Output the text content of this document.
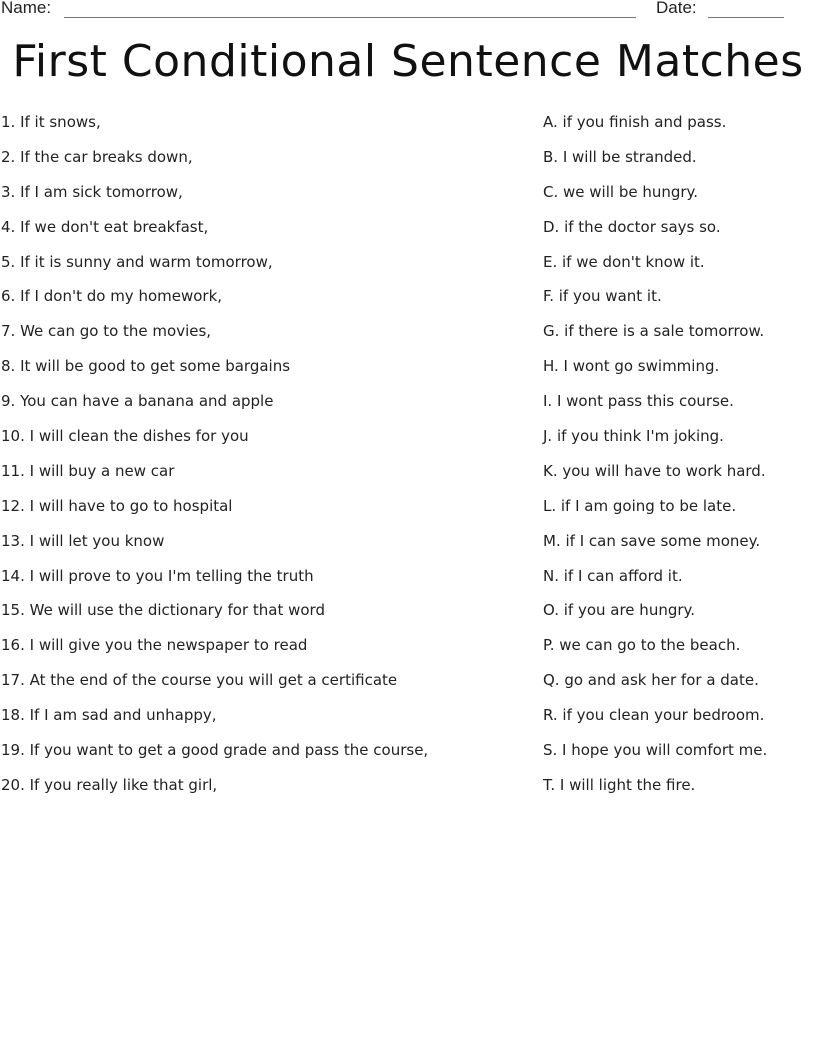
Name:	Date:
First Conditional Sentence Matches
1. If it snows,
2. If the car breaks down,
3. If I am sick tomorrow,
4. If we don't eat breakfast,
5. If it is sunny and warm tomorrow,
6. If I don't do my homework,
7. We can go to the movies,
8. It will be good to get some bargains
9. You can have a banana and apple
10. I will clean the dishes for you
11. I will buy a new car
12. I will have to go to hospital
13. I will let you know
14. I will prove to you I'm telling the truth
15. We will use the dictionary for that word
16. I will give you the newspaper to read
17. At the end of the course you will get a certificate
18. If I am sad and unhappy,
19. If you want to get a good grade and pass the course,
20. If you really like that girl,
A. if you finish and pass.
B. I will be stranded.
C. we will be hungry.
D. if the doctor says so.
E. if we don't know it.
F. if you want it.
G. if there is a sale tomorrow.
H. I wont go swimming.
I. I wont pass this course.
J. if you think I'm joking.
K. you will have to work hard.
L. if I am going to be late.
M. if I can save some money.
N. if I can afford it.
O. if you are hungry.
P. we can go to the beach.
Q. go and ask her for a date.
R. if you clean your bedroom.
S. I hope you will comfort me.
T. I will light the fire.
